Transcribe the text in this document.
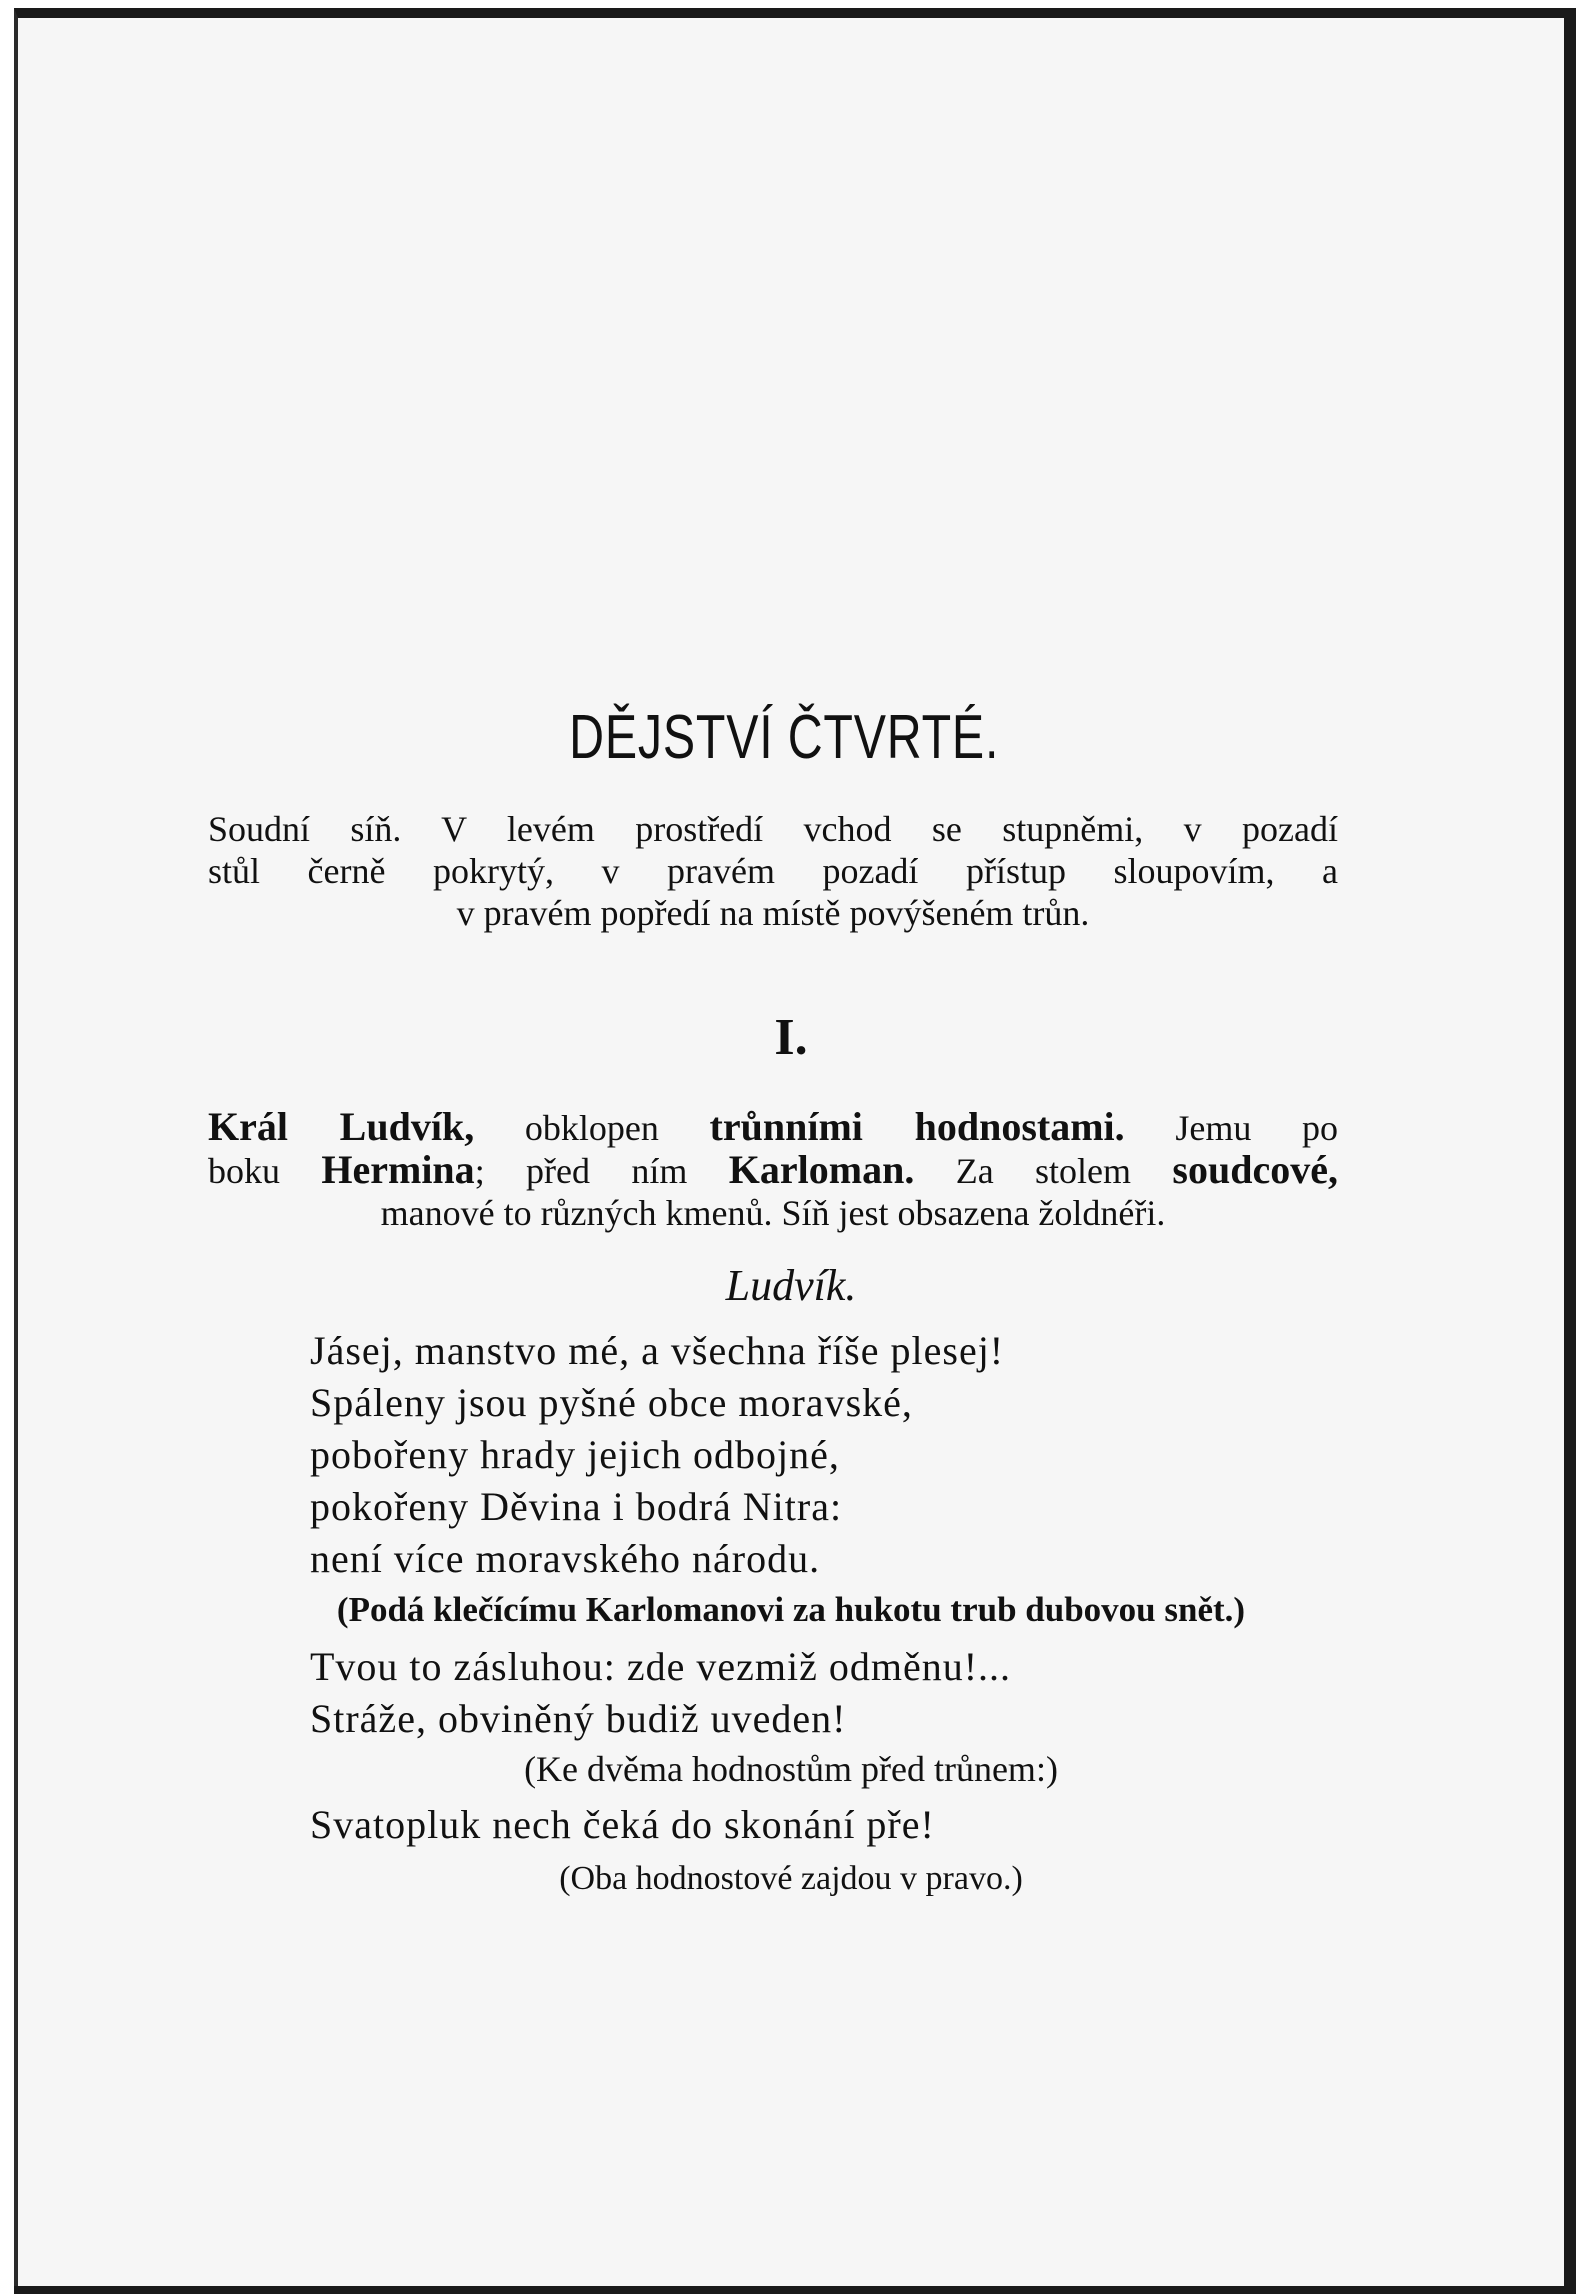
DĚJSTVÍ ČTVRTÉ.
Soudní síň. V levém prostředí vchod se stupněmi, v pozadí
stůl černě pokrytý, v pravém pozadí přístup sloupovím, a
v pravém popředí na místě povýšeném trůn.
I.
Král Ludvík, obklopen trůnními hodnostami. Jemu po
boku Hermina; před ním Karloman. Za stolem soudcové,
manové to různých kmenů. Síň jest obsazena žoldnéři.
Ludvík.
Jásej, manstvo mé, a všechna říše plesej!
Spáleny jsou pyšné obce moravské,
pobořeny hrady jejich odbojné,
pokořeny Děvina i bodrá Nitra:
není více moravského národu.
(Podá klečícímu Karlomanovi za hukotu trub dubovou snět.)
Tvou to zásluhou: zde vezmiž odměnu!...
Stráže, obviněný budiž uveden!
(Ke dvěma hodnostům před trůnem:)
Svatopluk nech čeká do skonání pře!
(Oba hodnostové zajdou v pravo.)
